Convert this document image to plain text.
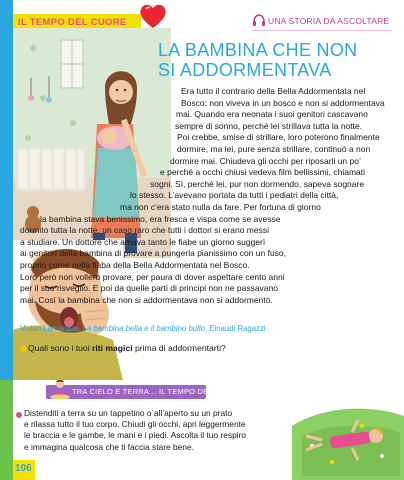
IL TEMPO DEL CUORE	UNA STORIA DA ASCOLTARE
LA BAMBINA CHE NON
SI ADDORMENTAVA
Era tutto il contrario della Bella Addormentata nel
Bosco: non viveva in un bosco e non si addormentava
mai. Quando era neonata i suoi genitori cascavano
sempre di sonno, perché lei strillava tutta la notte.
Poi crebbe, smise di strillare, loro poterono finalmente
dormire, ma lei, pure senza strillare, continuò a non
dormire mai. Chiudeva gli occhi per riposarli un po’
e perché a occhi chiusi vedeva film bellissimi, chiamati
sogni. Sì, perché lei, pur non dormendo, sapeva sognare
lo stesso. L’avevano portata da tutti i pediatri della città,
ma non c’era stato nulla da fare. Per fortuna di giorno
la bambina stava benissimo, era fresca e vispa come se avesse
dormito tutta la notte, un caso raro che tutti i dottori si erano messi
a studiare. Un dottore che amava tanto le fiabe un giorno suggerì
ai genitori della bambina di provare a pungerla pianissimo con un fuso,
proprio come nella fiaba della Bella Addormentata nel Bosco.
Loro però non vollero provare, per paura di dover aspettare cento anni
per il suo risveglio. E poi da quelle parti di principi non ne passavano
mai. Così la bambina che non si addormentava non si addormentò.
Vivian Lamarque, La bambina bella e il bambino bullo, Einaudi Ragazzi
Quali sono i tuoi riti magici prima di addormentarti?
TRA CIELO E TERRA… IL TEMPO DELLO YOGA
Distenditi a terra su un tappetino o all’aperto su un prato
e rilassa tutto il tuo corpo. Chiudi gli occhi, apri leggermente
le braccia e le gambe, le mani e i piedi. Ascolta il tuo respiro
e immagina qualcosa che ti faccia stare bene.
106
